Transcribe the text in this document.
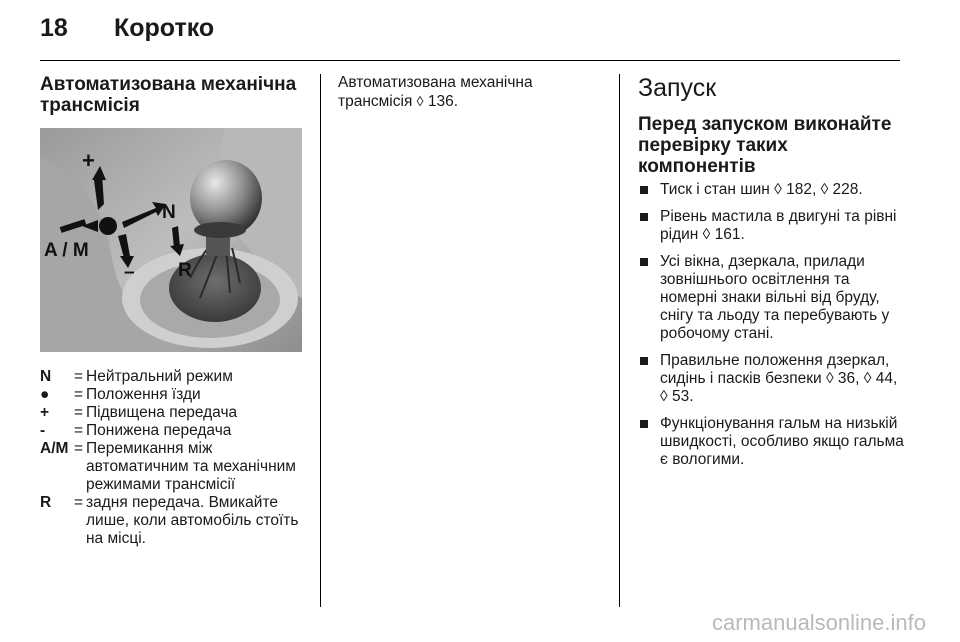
18	Коротко
Автоматизована механічна трансмісія
+
N
A / M
– R
N	= Нейтральний режим
●	= Положення їзди
+	= Підвищена передача
-	= Понижена передача
A/M = Перемикання між автоматичним та механічним режимами трансмісії
R	= задня передача. Вмикайте лише, коли автомобіль стоїть на місці.

Автоматизована механічна трансмісія ◊ 136.	Запуск
Перед запуском виконайте перевірку таких компонентів
Тиск і стан шин ◊ 182, ◊ 228.
Рівень мастила в двигуні та рівні рідин ◊ 161.
Усі вікна, дзеркала, прилади зовнішнього освітлення та номерні знаки вільні від бруду, снігу та льоду та перебувають у робочому стані.
Правильне положення дзеркал, сидінь і пасків безпеки ◊ 36, ◊ 44, ◊ 53.
Функціонування гальм на низькій швидкості, особливо якщо гальма є вологими.
carmanualsonline.info
